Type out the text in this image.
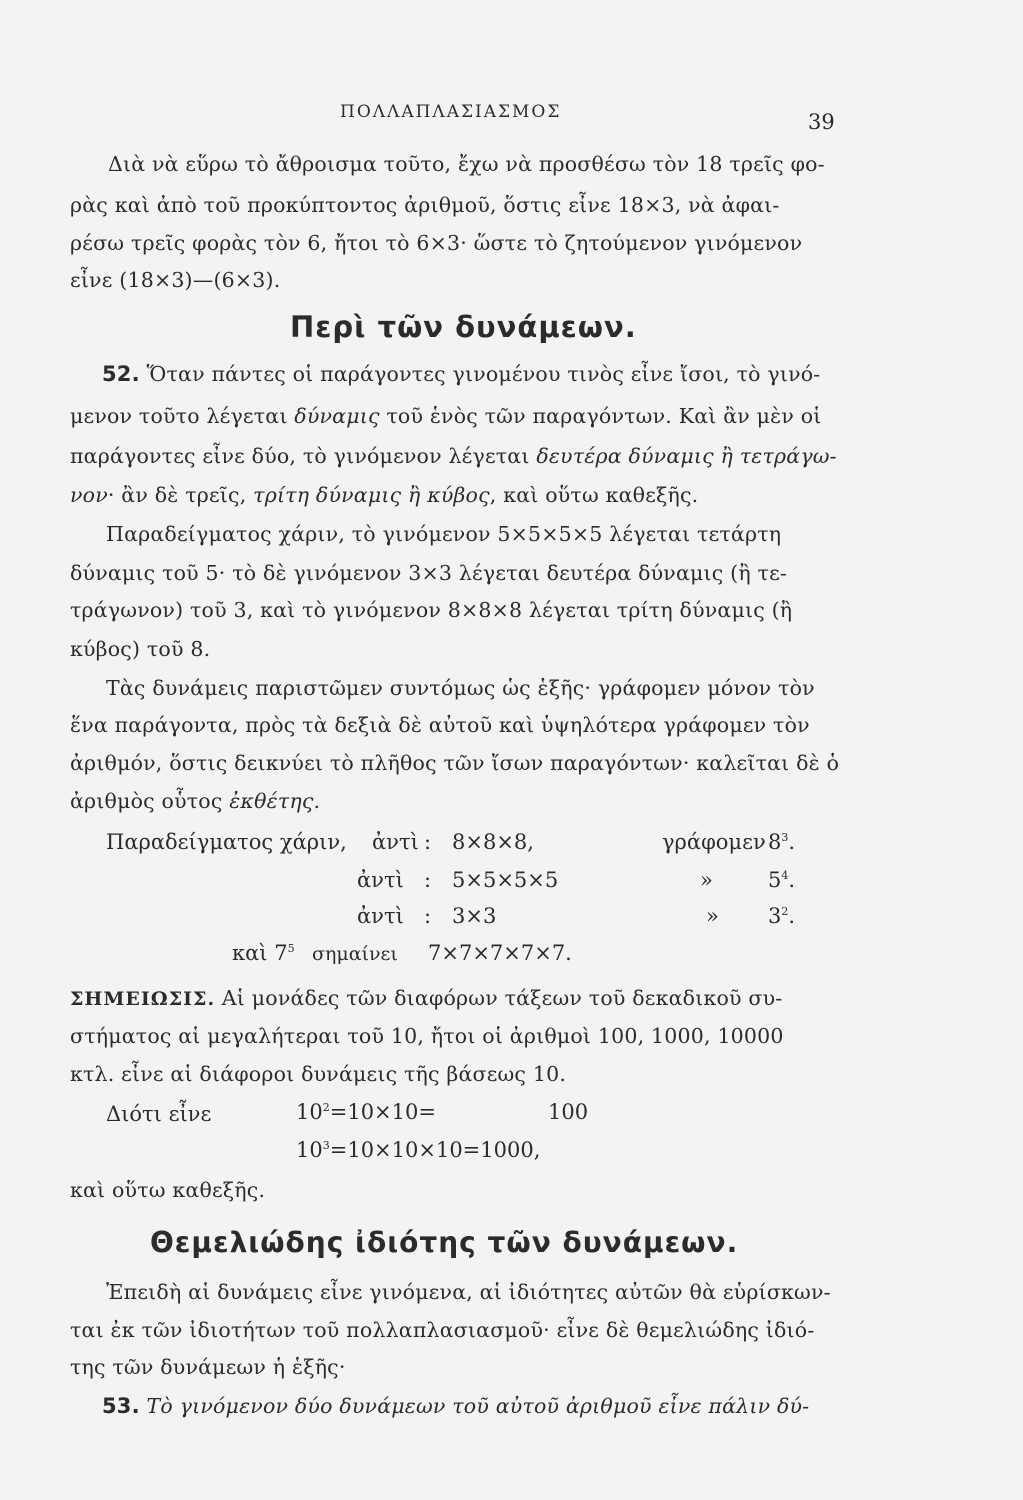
ΠΟΛΛΑΠΛΑΣΙΑΣΜΟΣ	39
Διὰ νὰ εὕρω τὸ ἄθροισμα τοῦτο, ἔχω νὰ προσθέσω τὸν 18 τρεῖς φο-
ρὰς καὶ ἀπὸ τοῦ προκύπτοντος ἀριθμοῦ, ὅστις εἶνε 18×3, νὰ ἀφαι-
ρέσω τρεῖς φορὰς τὸν 6, ἤτοι τὸ 6×3· ὥστε τὸ ζητούμενον γινόμενον
εἶνε (18×3)—(6×3).
Περὶ τῶν δυνάμεων.
52. Ὅταν πάντες οἱ παράγοντες γινομένου τινὸς εἶνε ἴσοι, τὸ γινό-
μενον τοῦτο λέγεται δύναμις τοῦ ἑνὸς τῶν παραγόντων. Καὶ ἂν μὲν οἱ
παράγοντες εἶνε δύο, τὸ γινόμενον λέγεται δευτέρα δύναμις ἢ τετράγω-
νον· ἂν δὲ τρεῖς, τρίτη δύναμις ἢ κύβος, καὶ οὕτω καθεξῆς.
Παραδείγματος χάριν, τὸ γινόμενον 5×5×5×5 λέγεται τετάρτη
δύναμις τοῦ 5· τὸ δὲ γινόμενον 3×3 λέγεται δευτέρα δύναμις (ἢ τε-
τράγωνον) τοῦ 3, καὶ τὸ γινόμενον 8×8×8 λέγεται τρίτη δύναμις (ἢ
κύβος) τοῦ 8.
Τὰς δυνάμεις παριστῶμεν συντόμως ὡς ἑξῆς· γράφομεν μόνον τὸν
ἕνα παράγοντα, πρὸς τὰ δεξιὰ δὲ αὐτοῦ καὶ ὑψηλότερα γράφομεν τὸν
ἀριθμόν, ὅστις δεικνύει τὸ πλῆθος τῶν ἴσων παραγόντων· καλεῖται δὲ ὁ
ἀριθμὸς οὗτος ἐκθέτης.
Παραδείγματος χάριν, ἀντὶ : 8×8×8,	γράφομεν $8^3$.
ἀντὶ : 5×5×5×5	»	$5^4$.
ἀντὶ : 3×3	» $3^2$.
καὶ $7^5$ σημαίνει 7×7×7×7×7.
ΣΗΜΕΙΩΣΙΣ. Αἱ μονάδες τῶν διαφόρων τάξεων τοῦ δεκαδικοῦ συ-
στήματος αἱ μεγαλήτεραι τοῦ 10, ἤτοι οἱ ἀριθμοὶ 100, 1000, 10000
κτλ. εἶνε αἱ διάφοροι δυνάμεις τῆς βάσεως 10.
Διότι εἶνε	$10^2=10\times 10=$	100
$10^3=10\times 10\times 10=1000$,
καὶ οὕτω καθεξῆς.
Θεμελιώδης ἰδιότης τῶν δυνάμεων.
Ἐπειδὴ αἱ δυνάμεις εἶνε γινόμενα, αἱ ἰδιότητες αὐτῶν θὰ εὑρίσκων-
ται ἐκ τῶν ἰδιοτήτων τοῦ πολλαπλασιασμοῦ· εἶνε δὲ θεμελιώδης ἰδιό-
της τῶν δυνάμεων ἡ ἑξῆς·
53. Τὸ γινόμενον δύο δυνάμεων τοῦ αὐτοῦ ἀριθμοῦ εἶνε πάλιν δύ-
